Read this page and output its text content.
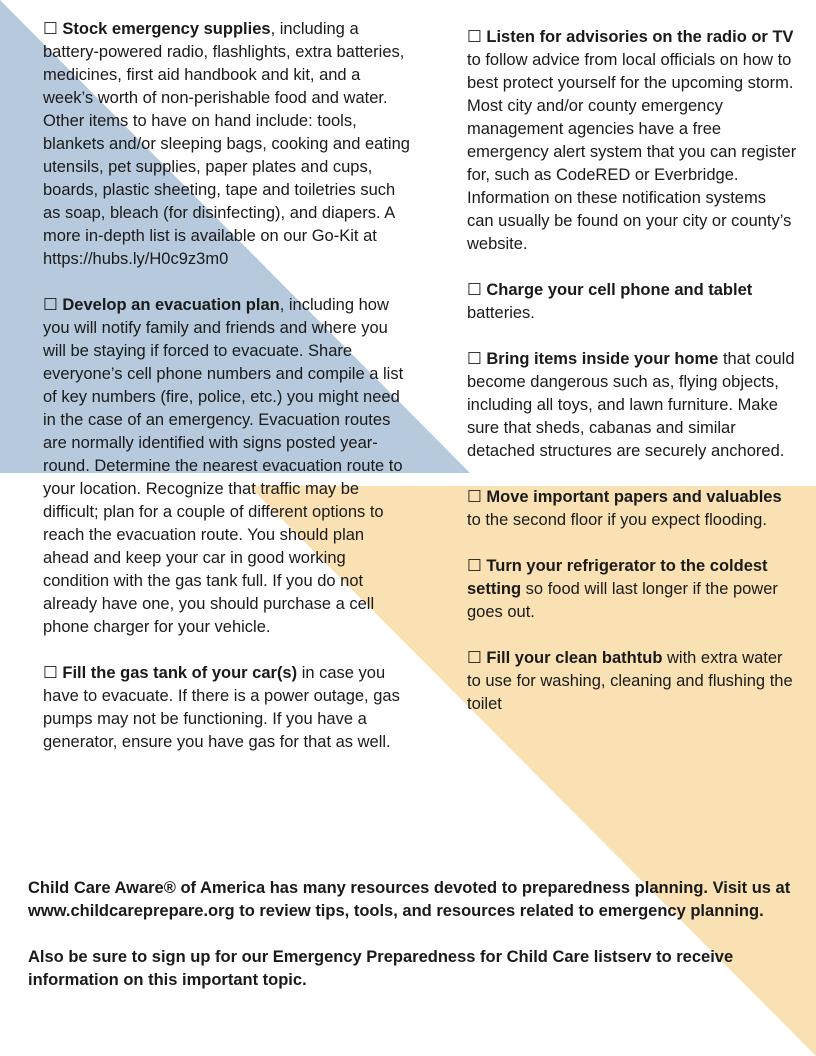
☐ Stock emergency supplies, including a battery-powered radio, flashlights, extra batteries, medicines, first aid handbook and kit, and a week’s worth of non-perishable food and water. Other items to have on hand include: tools, blankets and/or sleeping bags, cooking and eating utensils, pet supplies, paper plates and cups, boards, plastic sheeting, tape and toiletries such as soap, bleach (for disinfecting), and diapers. A more in-depth list is available on our Go-Kit at https://hubs.ly/H0c9z3m0

☐ Develop an evacuation plan, including how you will notify family and friends and where you will be staying if forced to evacuate. Share everyone’s cell phone numbers and compile a list of key numbers (fire, police, etc.) you might need in the case of an emergency. Evacuation routes are normally identified with signs posted year-round. Determine the nearest evacuation route to your location. Recognize that traffic may be difficult; plan for a couple of different options to reach the evacuation route. You should plan ahead and keep your car in good working condition with the gas tank full. If you do not already have one, you should purchase a cell phone charger for your vehicle.

☐ Fill the gas tank of your car(s) in case you have to evacuate. If there is a power outage, gas pumps may not be functioning. If you have a generator, ensure you have gas for that as well.

☐ Listen for advisories on the radio or TV to follow advice from local officials on how to best protect yourself for the upcoming storm. Most city and/or county emergency management agencies have a free emergency alert system that you can register for, such as CodeRED or Everbridge. Information on these notification systems can usually be found on your city or county’s website.

☐ Charge your cell phone and tablet batteries.

☐ Bring items inside your home that could become dangerous such as, flying objects, including all toys, and lawn furniture. Make sure that sheds, cabanas and similar detached structures are securely anchored.

☐ Move important papers and valuables to the second floor if you expect flooding.

☐ Turn your refrigerator to the coldest setting so food will last longer if the power goes out.

☐ Fill your clean bathtub with extra water to use for washing, cleaning and flushing the toilet

Child Care Aware® of America has many resources devoted to preparedness planning. Visit us at www.childcareprepare.org to review tips, tools, and resources related to emergency planning.

Also be sure to sign up for our Emergency Preparedness for Child Care listserv to receive information on this important topic.
